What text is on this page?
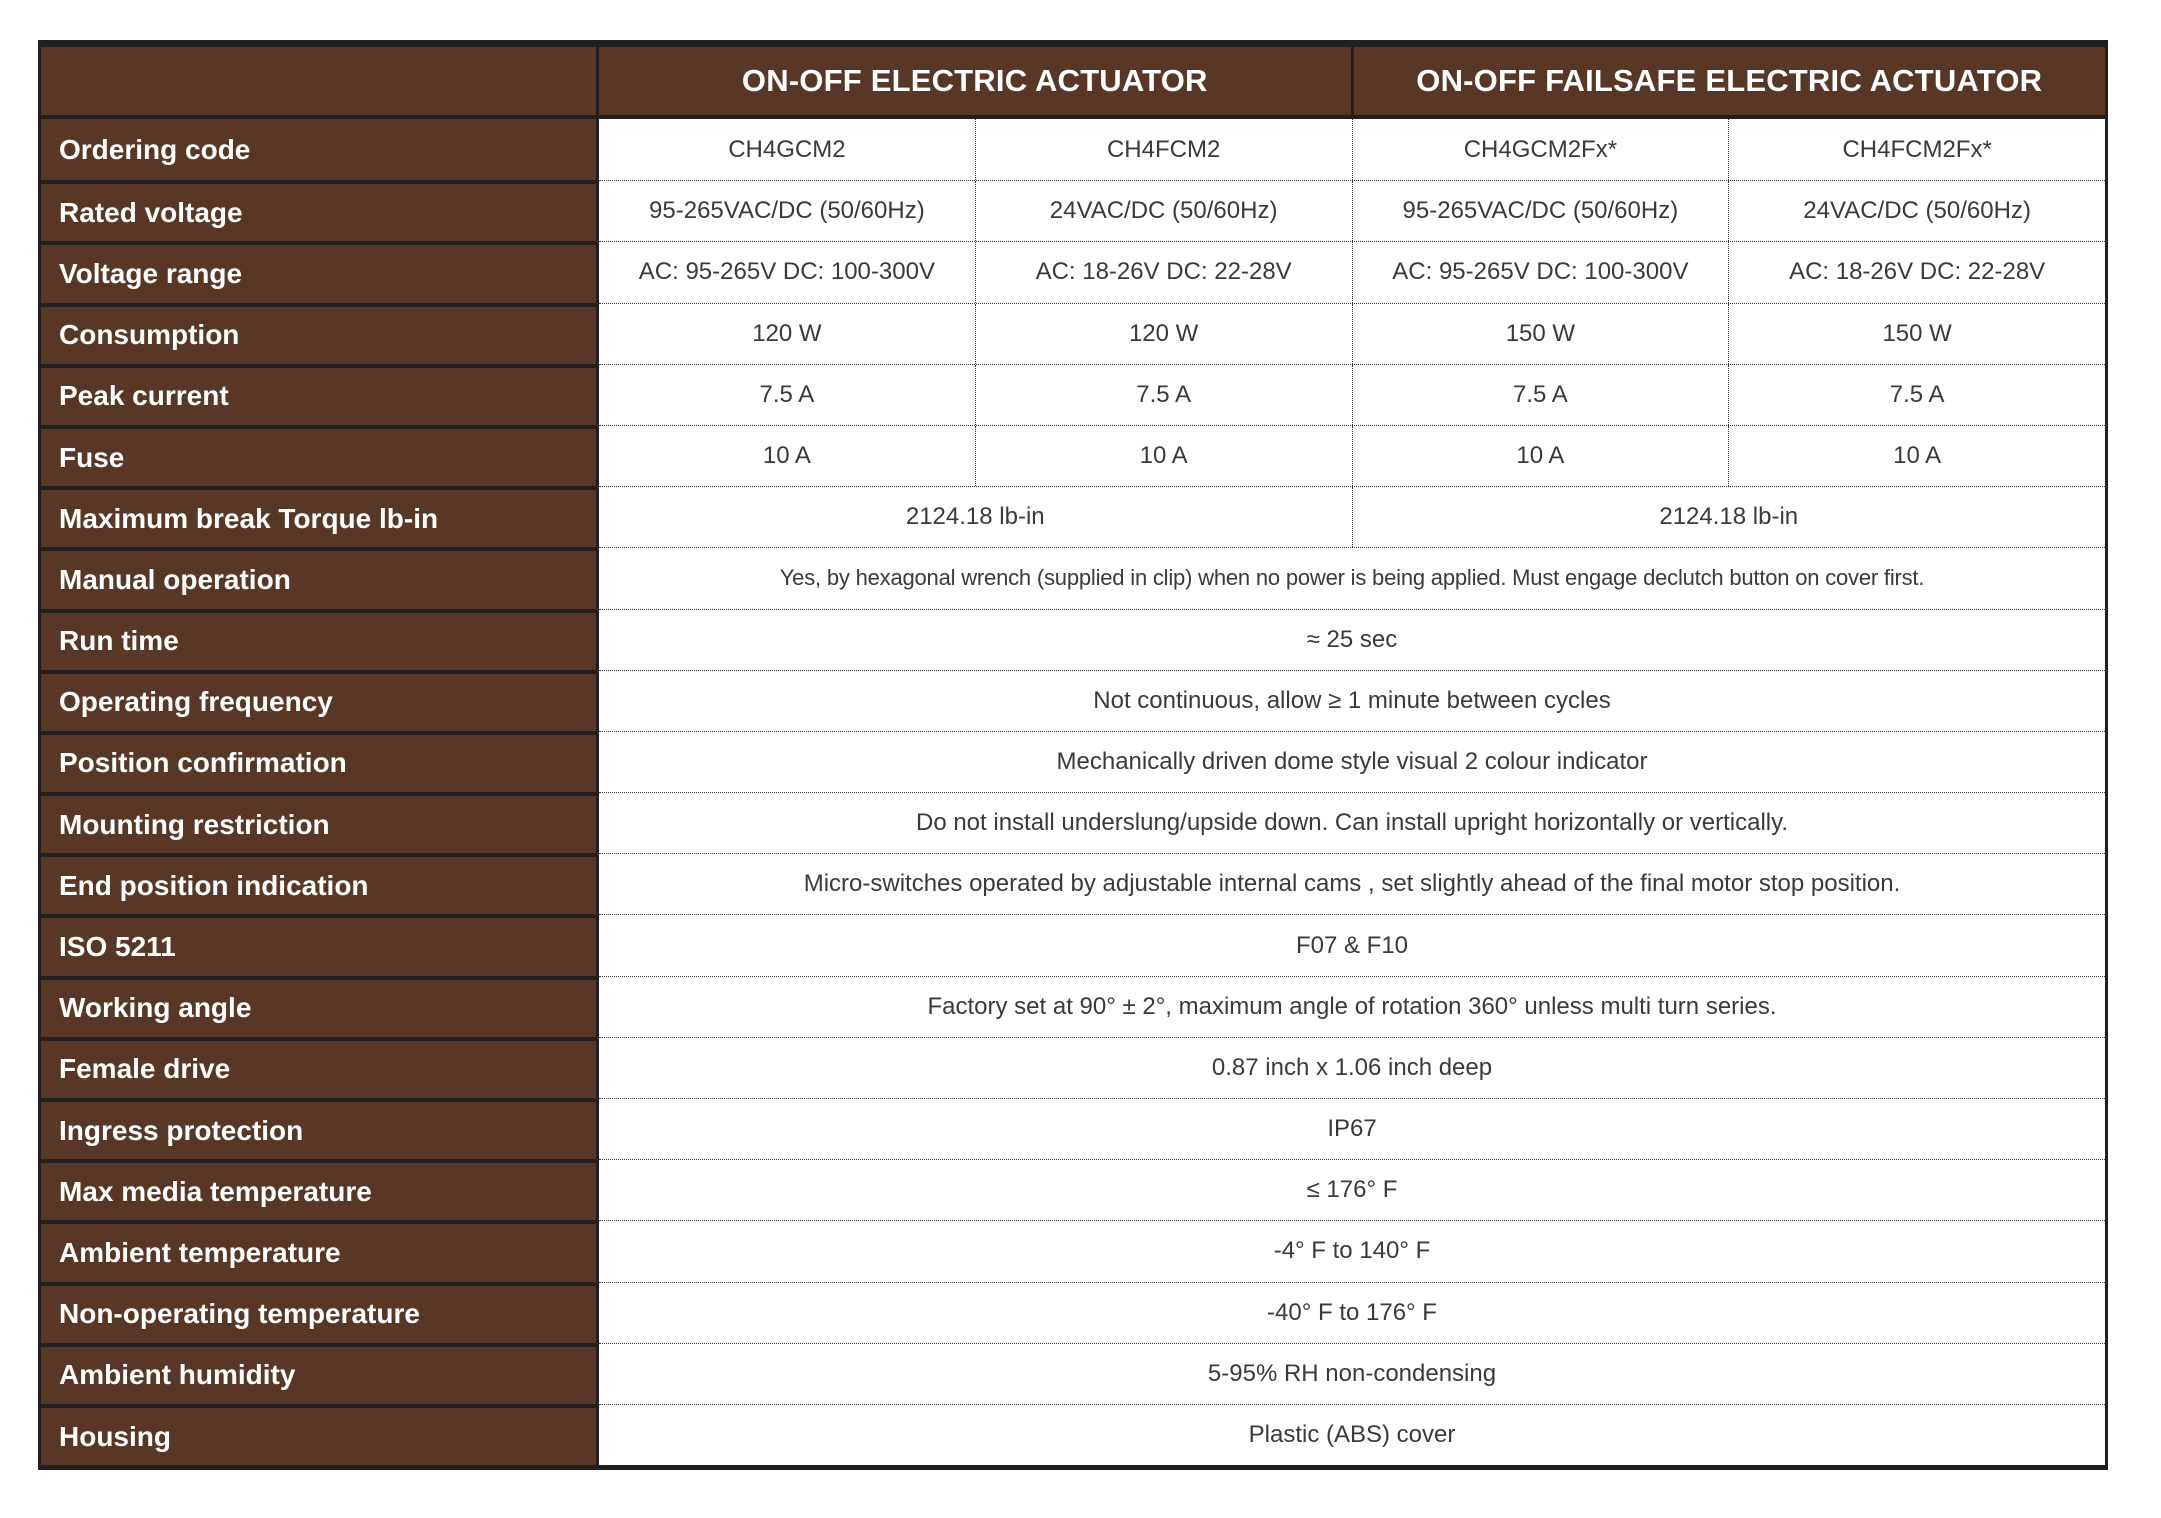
ON-OFF ELECTRIC ACTUATOR	ON-OFF FAILSAFE ELECTRIC ACTUATOR
Ordering code	CH4GCM2	CH4FCM2	CH4GCM2Fx*	CH4FCM2Fx*
Rated voltage	95-265VAC/DC (50/60Hz)	24VAC/DC (50/60Hz)	95-265VAC/DC (50/60Hz)	24VAC/DC (50/60Hz)
Voltage range	AC: 95-265V DC: 100-300V	AC: 18-26V DC: 22-28V	AC: 95-265V DC: 100-300V	AC: 18-26V DC: 22-28V
Consumption	120 W	120 W	150 W	150 W
Peak current	7.5 A	7.5 A	7.5 A	7.5 A
Fuse	10 A	10 A	10 A	10 A
Maximum break Torque lb-in	2124.18 lb-in	2124.18 lb-in
Manual operation	Yes, by hexagonal wrench (supplied in clip) when no power is being applied. Must engage declutch button on cover first.
Run time	≈ 25 sec
Operating frequency	Not continuous, allow ≥ 1 minute between cycles
Position confirmation	Mechanically driven dome style visual 2 colour indicator
Mounting restriction	Do not install underslung/upside down. Can install upright horizontally or vertically.
End position indication	Micro-switches operated by adjustable internal cams , set slightly ahead of the final motor stop position.
ISO 5211	F07 & F10
Working angle	Factory set at 90° ± 2°, maximum angle of rotation 360° unless multi turn series.
Female drive	0.87 inch x 1.06 inch deep
Ingress protection	IP67
Max media temperature	≤ 176° F
Ambient temperature	-4° F to 140° F
Non-operating temperature	-40° F to 176° F
Ambient humidity	5-95% RH non-condensing
Housing	Plastic (ABS) cover
